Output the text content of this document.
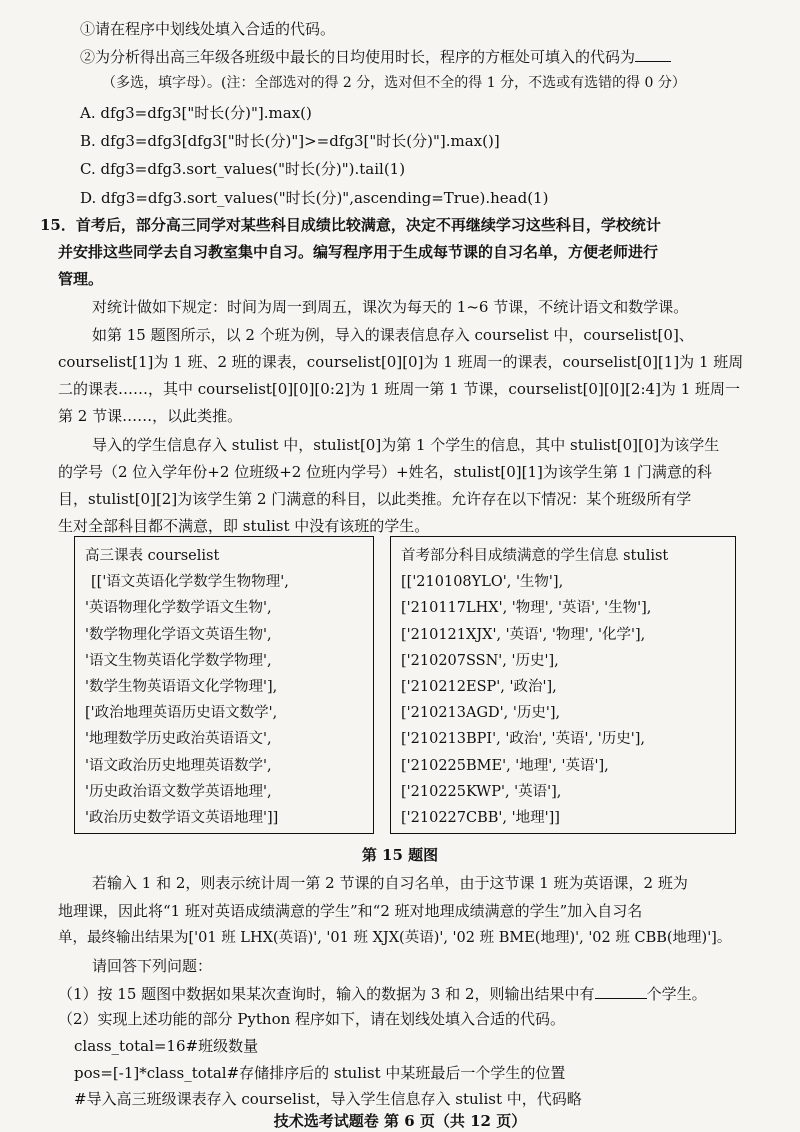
①请在程序中划线处填入合适的代码。
②为分析得出高三年级各班级中最长的日均使用时长，程序的方框处可填入的代码为
（多选，填字母）。(注：全部选对的得 2 分，选对但不全的得 1 分，不选或有选错的得 0 分）
A. dfg3=dfg3["时长(分)"].max()
B. dfg3=dfg3[dfg3["时长(分)"]>=dfg3["时长(分)"].max()]
C. dfg3=dfg3.sort_values("时长(分)").tail(1)
D. dfg3=dfg3.sort_values("时长(分)",ascending=True).head(1)
15．首考后，部分高三同学对某些科目成绩比较满意，决定不再继续学习这些科目，学校统计
并安排这些同学去自习教室集中自习。编写程序用于生成每节课的自习名单，方便老师进行
管理。
对统计做如下规定：时间为周一到周五，课次为每天的 1~6 节课，不统计语文和数学课。
如第 15 题图所示，以 2 个班为例，导入的课表信息存入 courselist 中，courselist[0]、
courselist[1]为 1 班、2 班的课表，courselist[0][0]为 1 班周一的课表，courselist[0][1]为 1 班周
二的课表……，其中 courselist[0][0][0:2]为 1 班周一第 1 节课，courselist[0][0][2:4]为 1 班周一
第 2 节课……，以此类推。
导入的学生信息存入 stulist 中，stulist[0]为第 1 个学生的信息，其中 stulist[0][0]为该学生
的学号（2 位入学年份+2 位班级+2 位班内学号）+姓名，stulist[0][1]为该学生第 1 门满意的科
目，stulist[0][2]为该学生第 2 门满意的科目，以此类推。允许存在以下情况：某个班级所有学
生对全部科目都不满意，即 stulist 中没有该班的学生。
高三课表 courselist
[['语文英语化学数学生物物理',
'英语物理化学数学语文生物',
'数学物理化学语文英语生物',
'语文生物英语化学数学物理',
'数学生物英语语文化学物理'],
['政治地理英语历史语文数学',
'地理数学历史政治英语语文',
'语文政治历史地理英语数学',
'历史政治语文数学英语地理',
'政治历史数学语文英语地理']]
首考部分科目成绩满意的学生信息 stulist
[['210108YLO', '生物'],
['210117LHX', '物理', '英语', '生物'],
['210121XJX', '英语', '物理', '化学'],
['210207SSN', '历史'],
['210212ESP', '政治'],
['210213AGD', '历史'],
['210213BPI', '政治', '英语', '历史'],
['210225BME', '地理', '英语'],
['210225KWP', '英语'],
['210227CBB', '地理']]
第 15 题图
若输入 1 和 2，则表示统计周一第 2 节课的自习名单，由于这节课 1 班为英语课，2 班为
地理课，因此将“1 班对英语成绩满意的学生”和“2 班对地理成绩满意的学生”加入自习名
单，最终输出结果为['01 班 LHX(英语)', '01 班 XJX(英语)', '02 班 BME(地理)', '02 班 CBB(地理)']。
请回答下列问题：
（1）按 15 题图中数据如果某次查询时，输入的数据为 3 和 2，则输出结果中有	个学生。
（2）实现上述功能的部分 Python 程序如下，请在划线处填入合适的代码。
class_total=16#班级数量
pos=[-1]*class_total#存储排序后的 stulist 中某班最后一个学生的位置
#导入高三班级课表存入 courselist，导入学生信息存入 stulist 中，代码略
技术选考试题卷 第 6 页（共 12 页）
